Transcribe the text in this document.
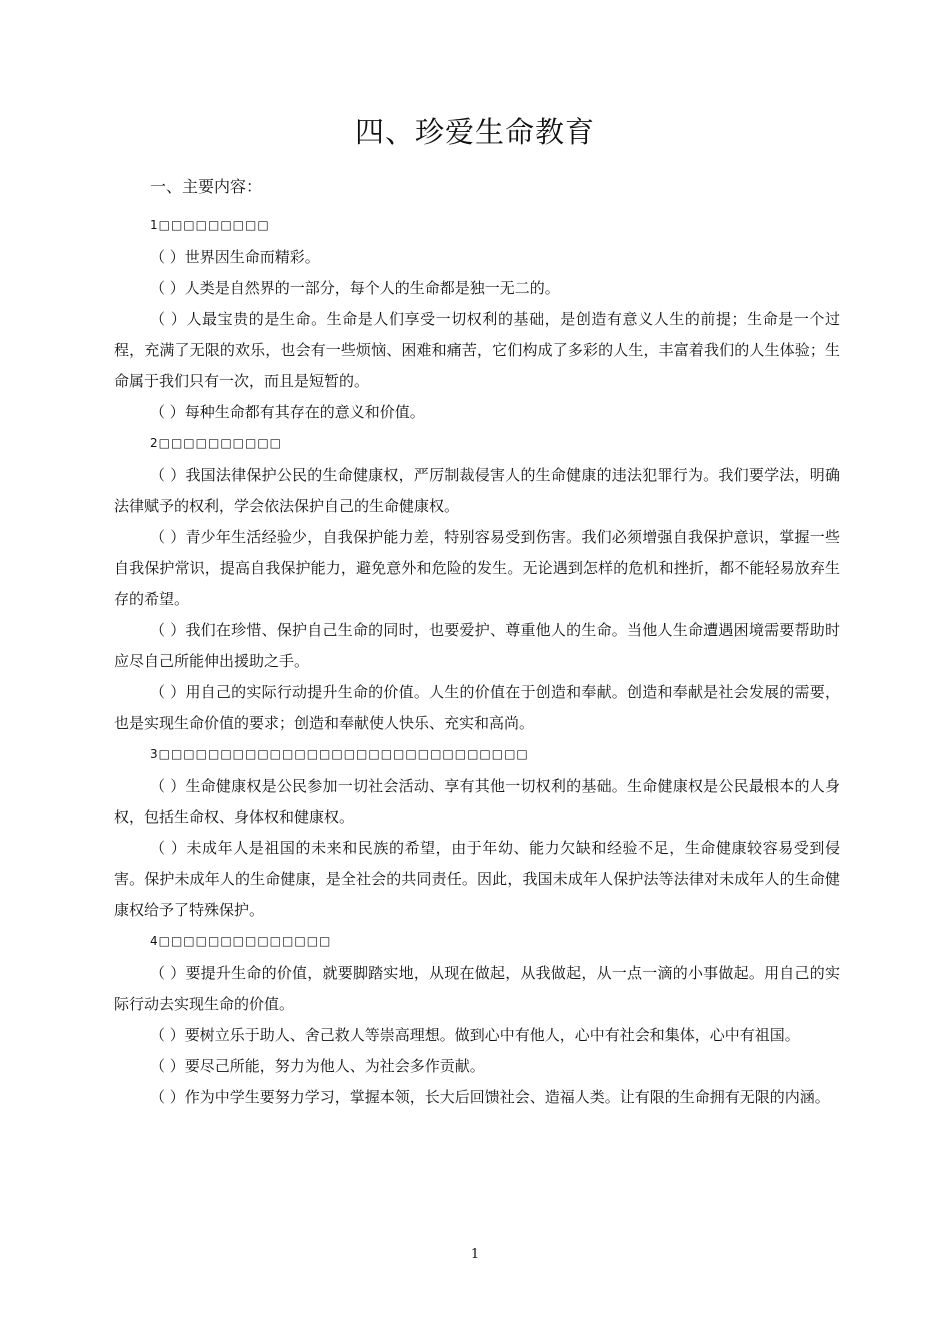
四、珍爱生命教育
一、主要内容：
1□□□□□□□□□

（ ）世界因生命而精彩。

（ ）人类是自然界的一部分，每个人的生命都是独一无二的。

（ ）人最宝贵的是生命。生命是人们享受一切权利的基础，是创造有意义人生的前提；生命是一个过程，充满了无限的欢乐，也会有一些烦恼、困难和痛苦，它们构成了多彩的人生，丰富着我们的人生体验；生命属于我们只有一次，而且是短暂的。

（ ）每种生命都有其存在的意义和价值。

2□□□□□□□□□□

（ ）我国法律保护公民的生命健康权，严厉制裁侵害人的生命健康的违法犯罪行为。我们要学法，明确法律赋予的权利，学会依法保护自己的生命健康权。

（ ）青少年生活经验少，自我保护能力差，特别容易受到伤害。我们必须增强自我保护意识，掌握一些自我保护常识，提高自我保护能力，避免意外和危险的发生。无论遇到怎样的危机和挫折，都不能轻易放弃生存的希望。

（ ）我们在珍惜、保护自己生命的同时，也要爱护、尊重他人的生命。当他人生命遭遇困境需要帮助时应尽自己所能伸出援助之手。

（ ）用自己的实际行动提升生命的价值。人生的价值在于创造和奉献。创造和奉献是社会发展的需要，也是实现生命价值的要求；创造和奉献使人快乐、充实和高尚。

3□□□□□□□□□□□□□□□□□□□□□□□□□□□□□□

（ ）生命健康权是公民参加一切社会活动、享有其他一切权利的基础。生命健康权是公民最根本的人身权，包括生命权、身体权和健康权。

（ ）未成年人是祖国的未来和民族的希望，由于年幼、能力欠缺和经验不足，生命健康较容易受到侵害。保护未成年人的生命健康，是全社会的共同责任。因此，我国未成年人保护法等法律对未成年人的生命健康权给予了特殊保护。

4□□□□□□□□□□□□□□

（ ）要提升生命的价值，就要脚踏实地，从现在做起，从我做起，从一点一滴的小事做起。用自己的实际行动去实现生命的价值。

（ ）要树立乐于助人、舍己救人等崇高理想。做到心中有他人，心中有社会和集体，心中有祖国。

（ ）要尽己所能，努力为他人、为社会多作贡献。

（ ）作为中学生要努力学习，掌握本领，长大后回馈社会、造福人类。让有限的生命拥有无限的内涵。

1
